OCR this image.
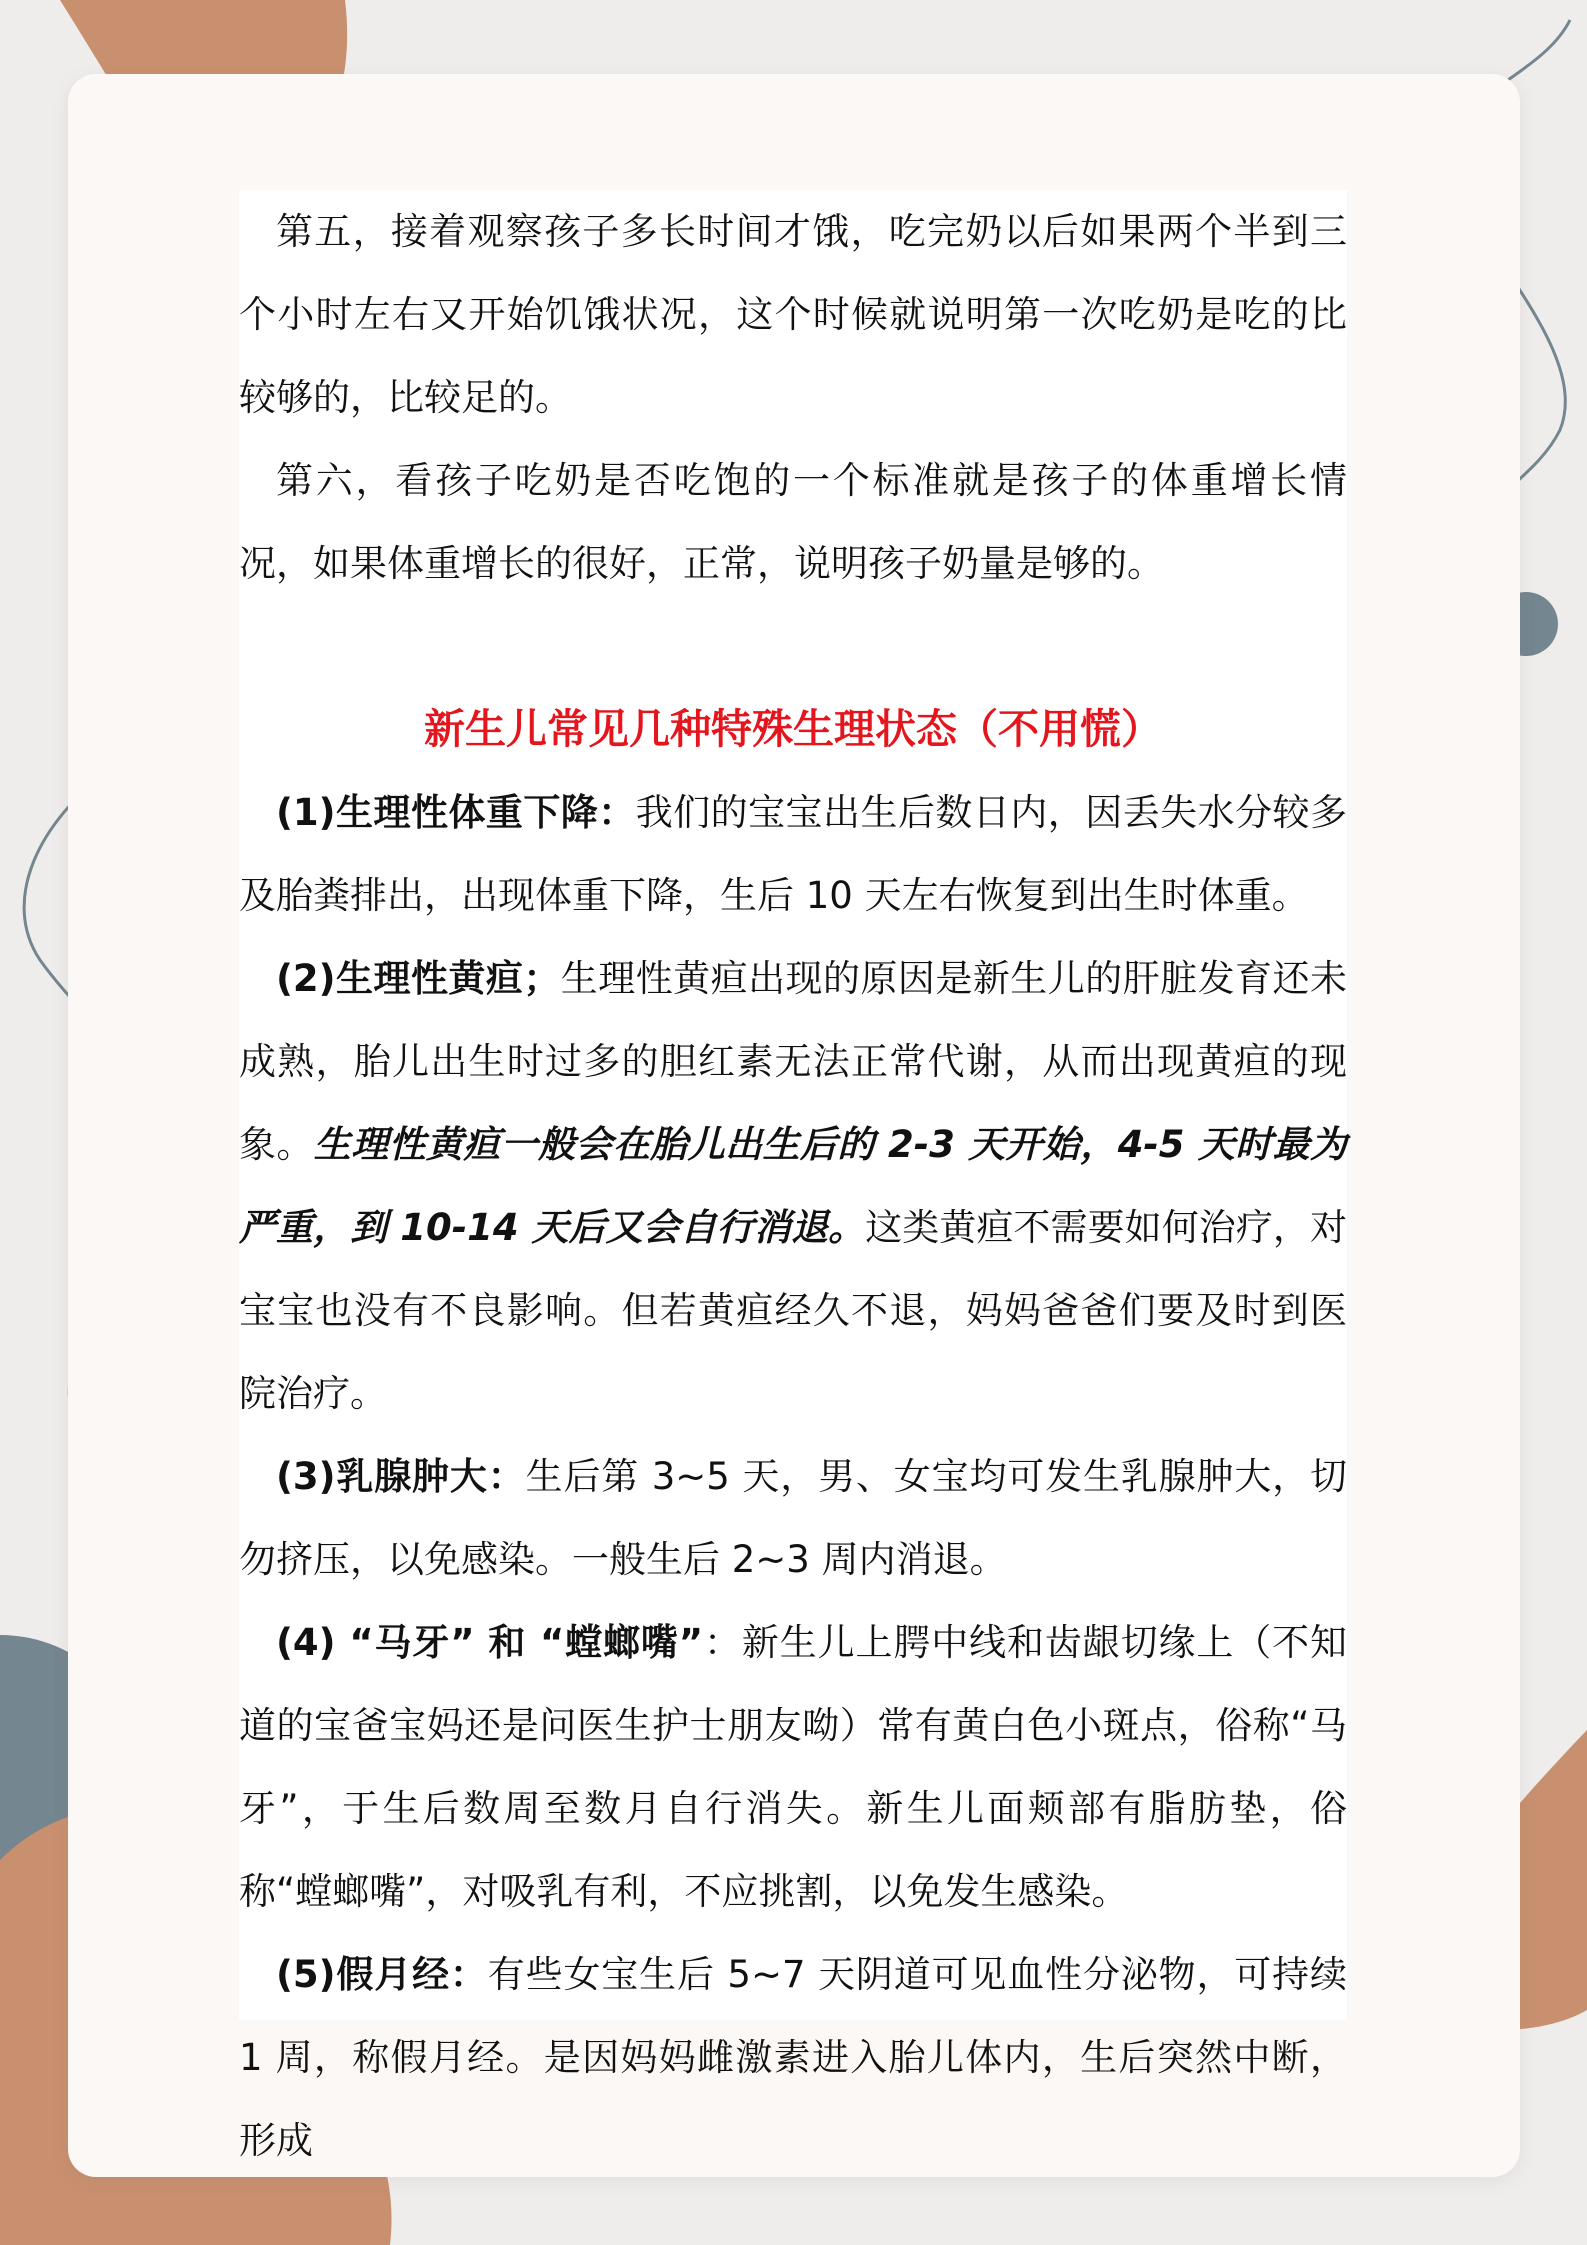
第五，接着观察孩子多长时间才饿，吃完奶以后如果两个半到三个小时左右又开始饥饿状况，这个时候就说明第一次吃奶是吃的比较够的，比较足的。

第六，看孩子吃奶是否吃饱的一个标准就是孩子的体重增长情况，如果体重增长的很好，正常，说明孩子奶量是够的。

新生儿常见几种特殊生理状态（不用慌）

(1)生理性体重下降：我们的宝宝出生后数日内，因丢失水分较多及胎粪排出，出现体重下降，生后 10 天左右恢复到出生时体重。

(2)生理性黄疸；生理性黄疸出现的原因是新生儿的肝脏发育还未成熟，胎儿出生时过多的胆红素无法正常代谢，从而出现黄疸的现象。生理性黄疸一般会在胎儿出生后的 2-3 天开始，4-5 天时最为严重，到 10-14 天后又会自行消退。这类黄疸不需要如何治疗，对宝宝也没有不良影响。但若黄疸经久不退，妈妈爸爸们要及时到医院治疗。

(3)乳腺肿大：生后第 3~5 天，男、女宝均可发生乳腺肿大，切勿挤压，以免感染。一般生后 2~3 周内消退。

(4) “马牙” 和 “螳螂嘴”：新生儿上腭中线和齿龈切缘上（不知道的宝爸宝妈还是问医生护士朋友呦）常有黄白色小斑点，俗称“马牙”，于生后数周至数月自行消失。新生儿面颊部有脂肪垫，俗称“螳螂嘴”，对吸乳有利，不应挑割，以免发生感染。

(5)假月经：有些女宝生后 5~7 天阴道可见血性分泌物，可持续 1 周，称假月经。是因妈妈雌激素进入胎儿体内，生后突然中断，形成
